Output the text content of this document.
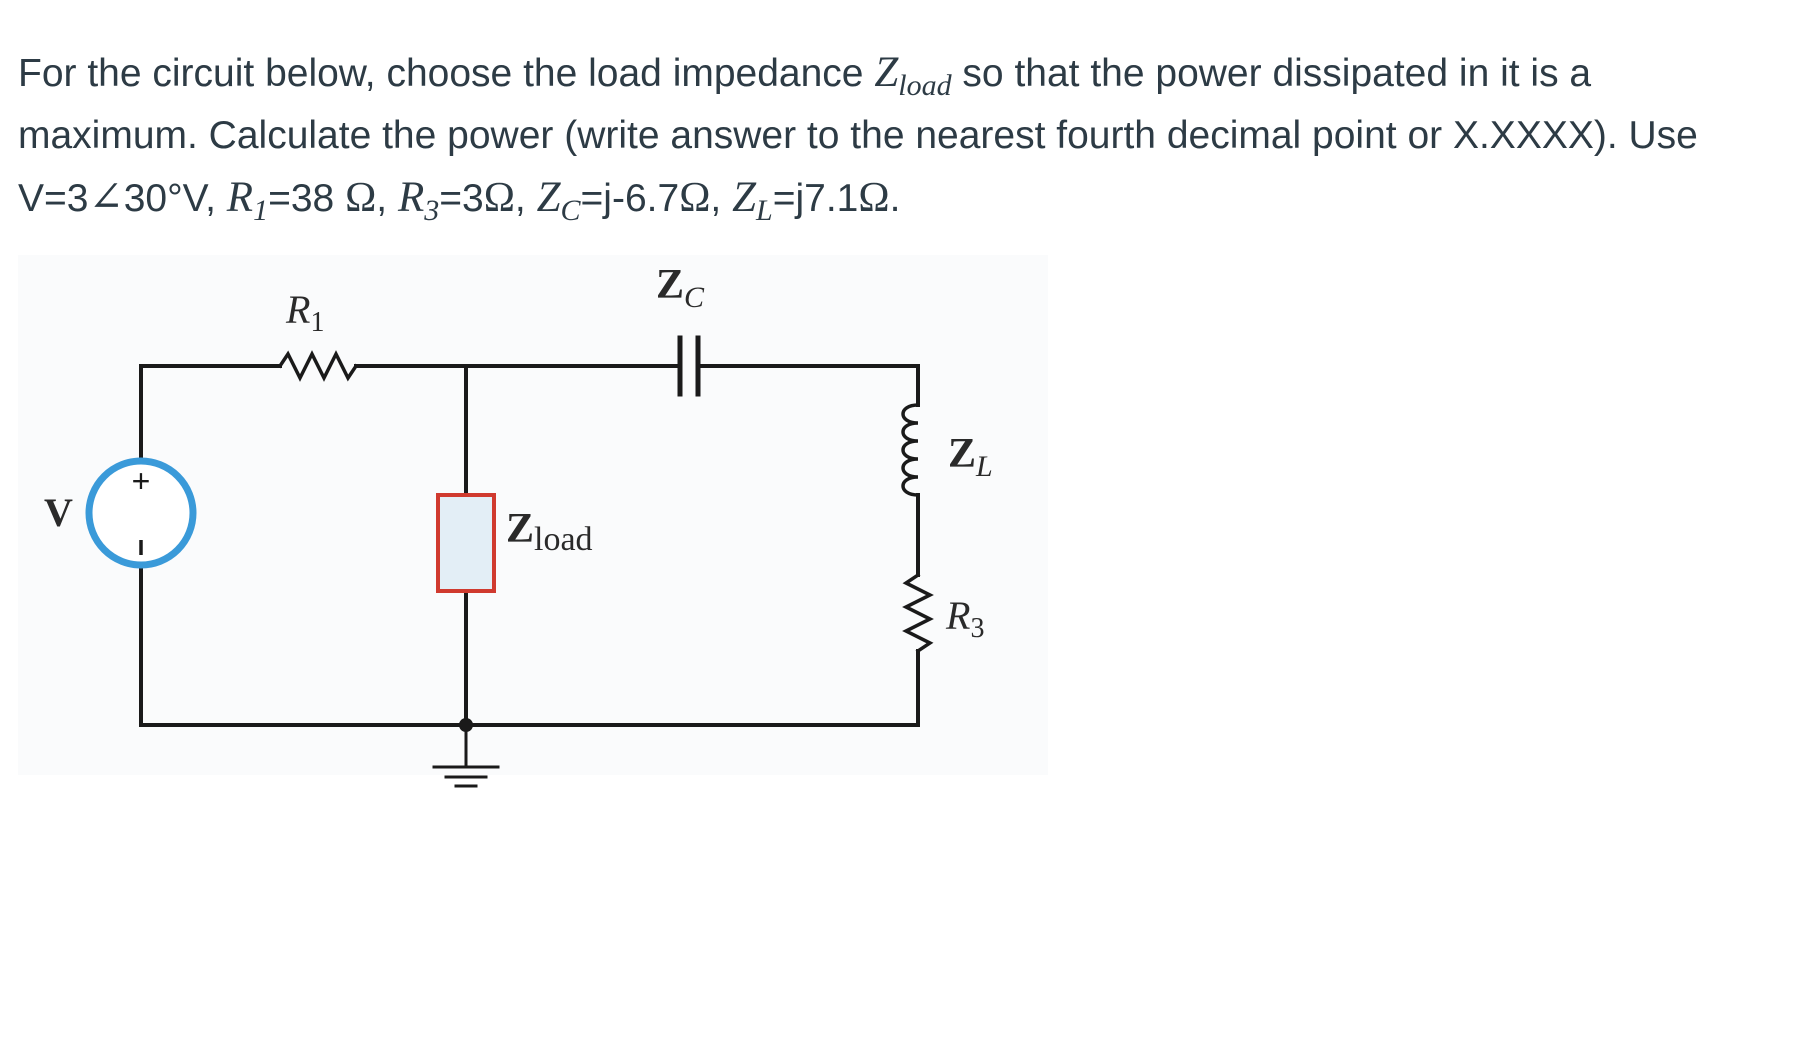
For the circuit below, choose the load impedance $Z_{load}$ so that the power dissipated in it is a
maximum. Calculate the power (write answer to the nearest fourth decimal point or X.XXXX). Use
V=3∠30°V, $R_1=38$ Ω, $R_3=3\Omega$, $Z_C=j-6.7\Omega$, $Z_L=j7.1\Omega$.
+
V
$R_1$
$Z_C$
$Z_L$
Zload
$R_3$
